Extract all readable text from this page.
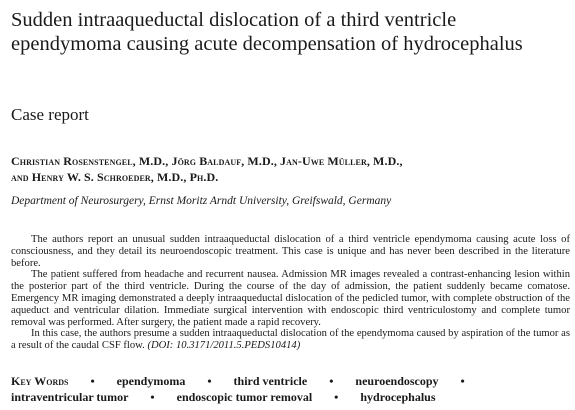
Sudden intraaqueductal dislocation of a third ventricle ependymoma causing acute decompensation of hydrocephalus
Case report
Christian Rosenstengel, M.D., Jörg Baldauf, M.D., Jan-Uwe Müller, M.D.,
and Henry W. S. Schroeder, M.D., Ph.D.
Department of Neurosurgery, Ernst Moritz Arndt University, Greifswald, Germany

The authors report an unusual sudden intraaqueductal dislocation of a third ventricle ependymoma causing acute loss of consciousness, and they detail its neuroendoscopic treatment. This case is unique and has never been described in the literature before.

The patient suffered from headache and recurrent nausea. Admission MR images revealed a contrast-enhancing lesion within the posterior part of the third ventricle. During the course of the day of admission, the patient suddenly became comatose. Emergency MR imaging demonstrated a deeply intraaqueductal dislocation of the pedicled tumor, with complete obstruction of the aqueduct and ventricular dilation. Immediate surgical intervention with endoscopic third ventriculostomy and complete tumor removal was performed. After surgery, the patient made a rapid recovery.

In this case, the authors presume a sudden intraaqueductal dislocation of the ependymoma caused by aspiration of the tumor as a result of the caudal CSF flow. (DOI: 10.3171/2011.5.PEDS10414)

Key Words • ependymoma • third ventricle • neuroendoscopy •
intraventricular tumor • endoscopic tumor removal • hydrocephalus
